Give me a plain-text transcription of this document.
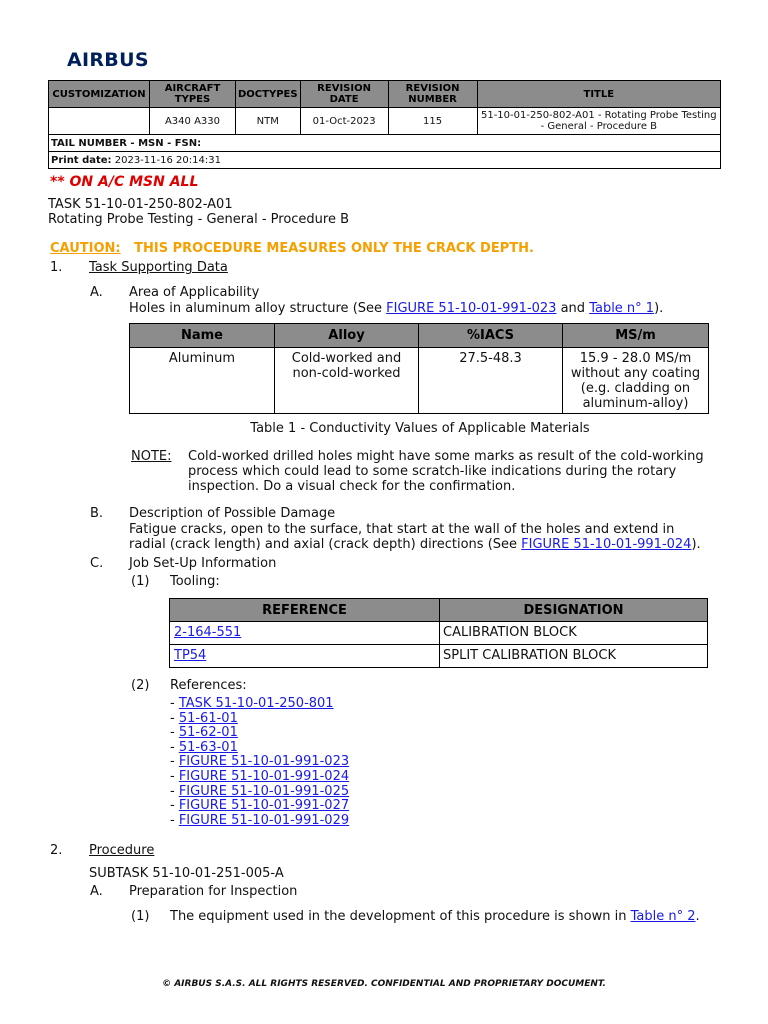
AIRBUS
CUSTOMIZATION	AIRCRAFT TYPES	DOCTYPES	REVISION DATE	REVISION NUMBER	TITLE
	A340 A330	NTM	01-Oct-2023	115	51-10-01-250-802-A01 - Rotating Probe Testing - General - Procedure B
TAIL NUMBER - MSN - FSN:					
Print date: 2023-11-16 20:14:31					
** ON A/C MSN ALL
TASK 51-10-01-250-802-A01
Rotating Probe Testing - General - Procedure B
CAUTION: THIS PROCEDURE MEASURES ONLY THE CRACK DEPTH.
1. Task Supporting Data
A. Area of Applicability
Holes in aluminum alloy structure (See FIGURE 51-10-01-991-023 and Table n° 1).
Name	Alloy	%IACS	MS/m
Aluminum	Cold-worked and non-cold-worked	27.5-48.3	15.9 - 28.0 MS/m without any coating (e.g. cladding on aluminum-alloy)
Table 1 - Conductivity Values of Applicable Materials
NOTE: Cold-worked drilled holes might have some marks as result of the cold-working process which could lead to some scratch-like indications during the rotary inspection. Do a visual check for the confirmation.
B. Description of Possible Damage
Fatigue cracks, open to the surface, that start at the wall of the holes and extend in radial (crack length) and axial (crack depth) directions (See FIGURE 51-10-01-991-024).
C. Job Set-Up Information
(1) Tooling:
REFERENCE	DESIGNATION
2-164-551	CALIBRATION BLOCK
TP54	SPLIT CALIBRATION BLOCK
(2) References:
- TASK 51-10-01-250-801
- 51-61-01
- 51-62-01
- 51-63-01
- FIGURE 51-10-01-991-023
- FIGURE 51-10-01-991-024
- FIGURE 51-10-01-991-025
- FIGURE 51-10-01-991-027
- FIGURE 51-10-01-991-029
2. Procedure
SUBTASK 51-10-01-251-005-A
A. Preparation for Inspection
(1) The equipment used in the development of this procedure is shown in Table n° 2.
© AIRBUS S.A.S. ALL RIGHTS RESERVED. CONFIDENTIAL AND PROPRIETARY DOCUMENT.
